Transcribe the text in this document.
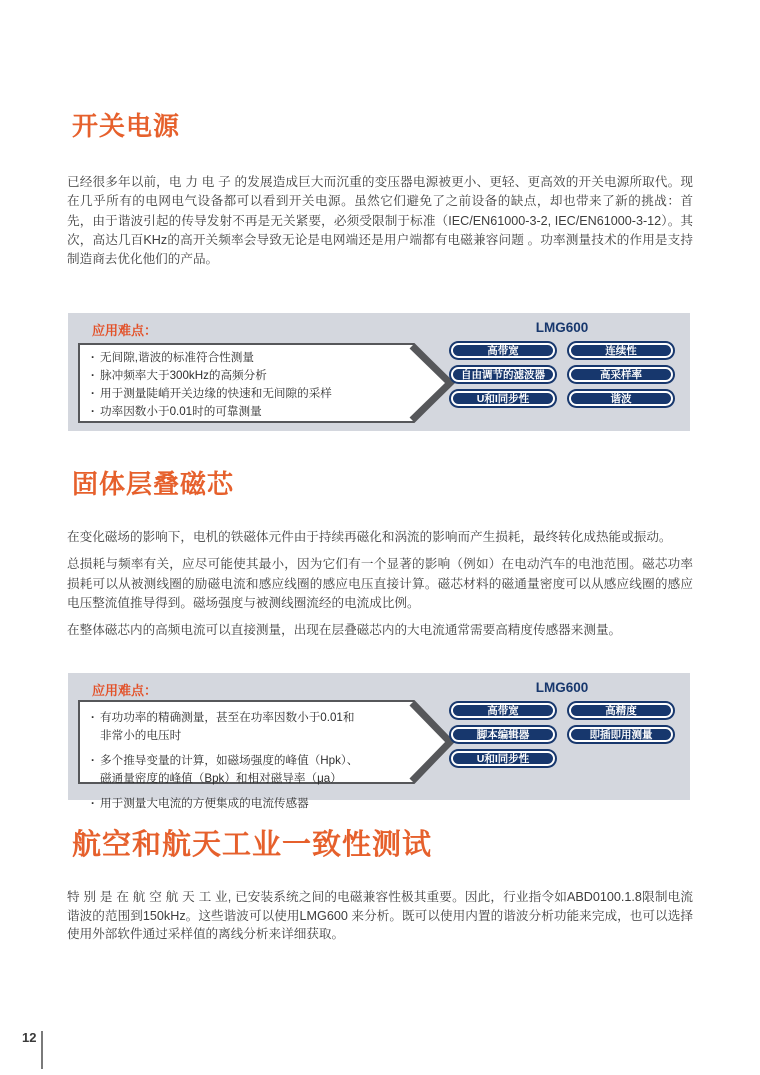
开关电源

已经很多年以前，电 力 电 子 的发展造成巨大而沉重的变压器电源被更小、更轻、更高效的开关电源所取代。现在几乎所有的电网电气设备都可以看到开关电源。虽然它们避免了之前设备的缺点，却也带来了新的挑战：首先，由于谐波引起的传导发射不再是无关紧要，必须受限制于标准（IEC/EN61000-3-2, IEC/EN61000-3-12）。其次，高达几百KHz的高开关频率会导致无论是电网端还是用户端都有电磁兼容问题 。功率测量技术的作用是支持制造商去优化他们的产品。

应用难点：	LMG600
· 无间隙,谐波的标准符合性测量
· 脉冲频率大于300kHz的高频分析
· 用于测量陡峭开关边缘的快速和无间隙的采样
· 功率因数小于0.01时的可靠测量
高带宽	连续性
自由调节的滤波器	高采样率
U和I同步性	谐波
固体层叠磁芯

在变化磁场的影响下，电机的铁磁体元件由于持续再磁化和涡流的影响而产生损耗，最终转化成热能或振动。

总损耗与频率有关，应尽可能使其最小，因为它们有一个显著的影响（例如）在电动汽车的电池范围。磁芯功率损耗可以从被测线圈的励磁电流和感应线圈的感应电压直接计算。磁芯材料的磁通量密度可以从感应线圈的感应电压整流值推导得到。磁场强度与被测线圈流经的电流成比例。

在整体磁芯内的高频电流可以直接测量，出现在层叠磁芯内的大电流通常需要高精度传感器来测量。

应用难点：	LMG600
· 有功功率的精确测量，甚至在功率因数小于0.01和非常小的电压时
· 多个推导变量的计算，如磁场强度的峰值（Hpk）、磁通量密度的峰值（Bpk）和相对磁导率（μa）
· 用于测量大电流的方便集成的电流传感器
高带宽	高精度
脚本编辑器	即插即用测量
U和I同步性
航空和航天工业一致性测试

特 别 是 在 航 空 航 天 工 业, 已安装系统之间的电磁兼容性极其重要。因此，行业指令如ABD0100.1.8限制电流谐波的范围到150kHz。这些谐波可以使用LMG600 来分析。既可以使用内置的谐波分析功能来完成，也可以选择使用外部软件通过采样值的离线分析来详细获取。

12
